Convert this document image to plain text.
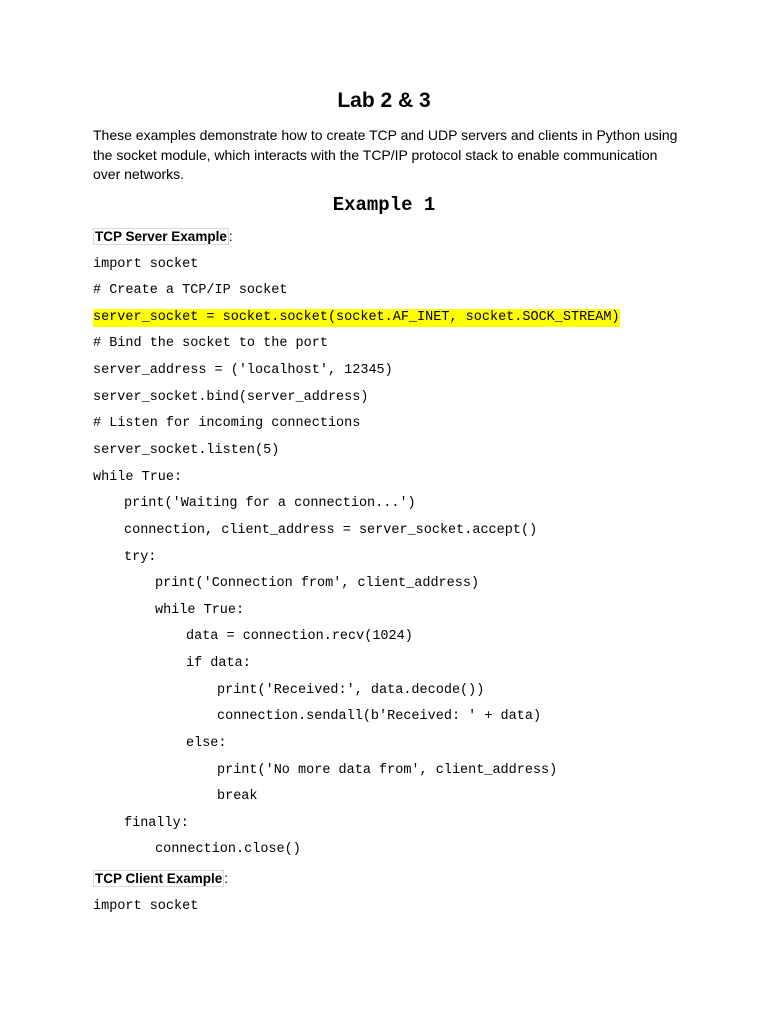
Lab 2 & 3

These examples demonstrate how to create TCP and UDP servers and clients in Python using the socket module, which interacts with the TCP/IP protocol stack to enable communication over networks.

Example 1
TCP Server Example :
import socket
# Create a TCP/IP socket
server_socket = socket.socket(socket.AF_INET, socket.SOCK_STREAM)
# Bind the socket to the port
server_address = ('localhost', 12345)
server_socket.bind(server_address)
# Listen for incoming connections
server_socket.listen(5)
while True:
print('Waiting for a connection...')
connection, client_address = server_socket.accept()
try:
print('Connection from', client_address)
while True:
data = connection.recv(1024)
if data:
print('Received:', data.decode())
connection.sendall(b'Received: ' + data)
else:
print('No more data from', client_address)
break
finally:
connection.close()
TCP Client Example :
import socket
